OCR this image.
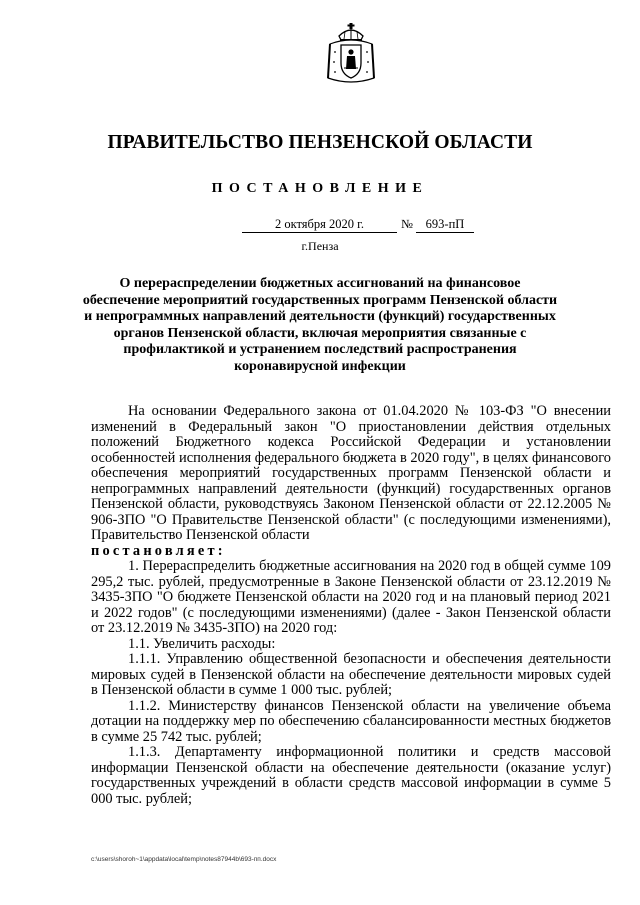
ПРАВИТЕЛЬСТВО ПЕНЗЕНСКОЙ ОБЛАСТИ
ПОСТАНОВЛЕНИЕ
2 октября 2020 г.	№	693-пП
г.Пенза
О перераспределении бюджетных ассигнований на финансовое обеспечение мероприятий государственных программ Пензенской области и непрограммных направлений деятельности (функций) государственных органов Пензенской области, включая мероприятия связанные с профилактикой и устранением последствий распространения коронавирусной инфекции

На основании Федерального закона от 01.04.2020 № 103-ФЗ "О внесении изменений в Федеральный закон "О приостановлении действия отдельных положений Бюджетного кодекса Российской Федерации и установлении особенностей исполнения федерального бюджета в 2020 году", в целях финансового обеспечения мероприятий государственных программ Пензенской области и непрограммных направлений деятельности (функций) государственных органов Пензенской области, руководствуясь Законом Пензенской области от 22.12.2005 № 906-ЗПО "О Правительстве Пензенской области" (с последующими изменениями), Правительство Пензенской области

постановляет:

1. Перераспределить бюджетные ассигнования на 2020 год в общей сумме 109 295,2 тыс. рублей, предусмотренные в Законе Пензенской области от 23.12.2019 № 3435-ЗПО "О бюджете Пензенской области на 2020 год и на плановый период 2021 и 2022 годов" (с последующими изменениями) (далее - Закон Пензенской области от 23.12.2019 № 3435-ЗПО) на 2020 год:

1.1. Увеличить расходы:

1.1.1. Управлению общественной безопасности и обеспечения деятельности мировых судей в Пензенской области на обеспечение деятельности мировых судей в Пензенской области в сумме 1 000 тыс. рублей;

1.1.2. Министерству финансов Пензенской области на увеличение объема дотации на поддержку мер по обеспечению сбалансированности местных бюджетов в сумме 25 742 тыс. рублей;

1.1.3. Департаменту информационной политики и средств массовой информации Пензенской области на обеспечение деятельности (оказание услуг) государственных учреждений в области средств массовой информации в сумме 5 000 тыс. рублей;

c:\users\shoroh~1\appdata\local\temp\notes87944b\693-пп.docx
